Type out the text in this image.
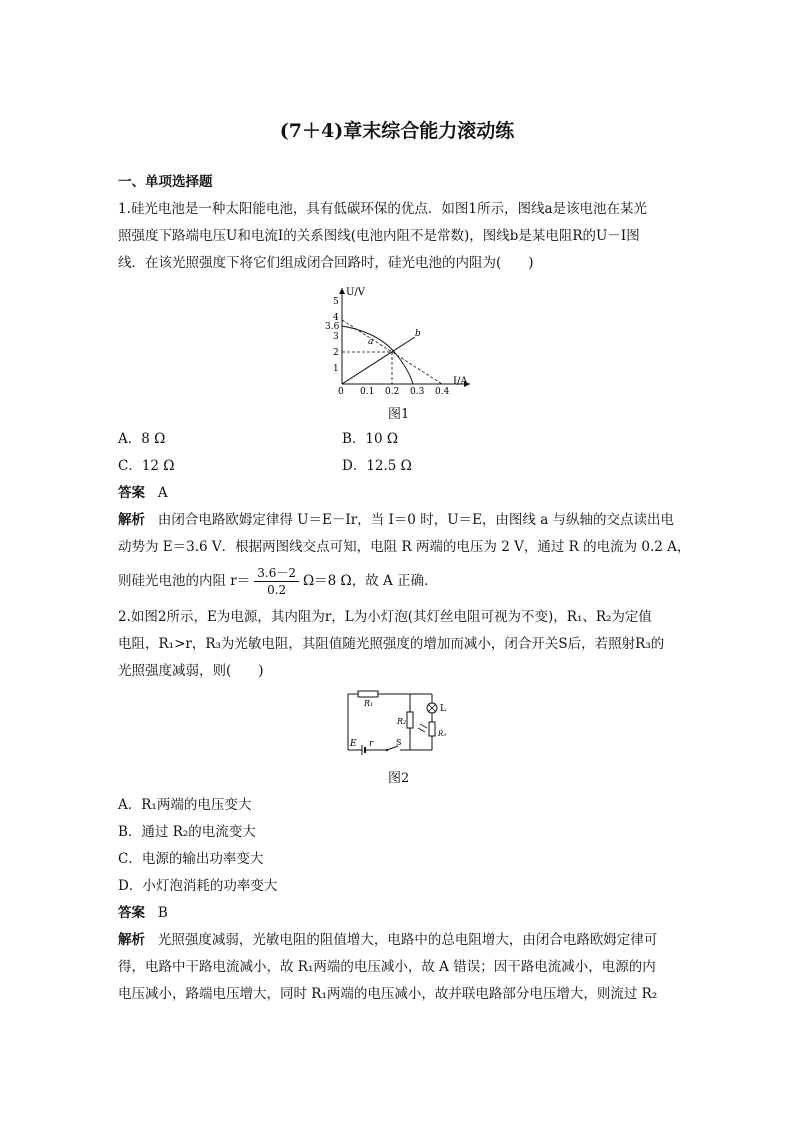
(7＋4)章末综合能力滚动练
一、单项选择题
1.硅光电池是一种太阳能电池，具有低碳环保的优点．如图1所示，图线a是该电池在某光
照强度下路端电压U和电流I的关系图线(电池内阻不是常数)，图线b是某电阻R的U－I图
线．在该光照强度下将它们组成闭合回路时，硅光电池的内阻为(　　)
U/V
I/A
5
4
3.6
3
2
1
0 0.1 0.2 0.3 0.4
a
b
图1
A．8 Ω	B．10 Ω
C．12 Ω	D．12.5 Ω
答案 A
解析 由闭合电路欧姆定律得 U＝E－Ir，当 I＝0 时，U＝E，由图线 a 与纵轴的交点读出电
动势为 E＝3.6 V．根据两图线交点可知，电阻 R 两端的电压为 2 V，通过 R 的电流为 0.2 A，
则硅光电池的内阻 $r= \frac{3.6-2}{0.2} \Omega=8$ Ω，故 A 正确．
2.如图2所示，E为电源，其内阻为r，L为小灯泡(其灯丝电阻可视为不变)，R₁、R₂为定值
电阻，R₁>r，R₃为光敏电阻，其阻值随光照强度的增加而减小，闭合开关S后，若照射R₃的
光照强度减弱，则(　　)
R₁
R₂
R₃
L
E r	S
图2
A．R₁两端的电压变大
B．通过 R₂的电流变大
C．电源的输出功率变大
D．小灯泡消耗的功率变大
答案 B
解析 光照强度减弱，光敏电阻的阻值增大，电路中的总电阻增大，由闭合电路欧姆定律可
得，电路中干路电流减小，故 R₁两端的电压减小，故 A 错误；因干路电流减小，电源的内
电压减小，路端电压增大，同时 R₁两端的电压减小，故并联电路部分电压增大，则流过 R₂
